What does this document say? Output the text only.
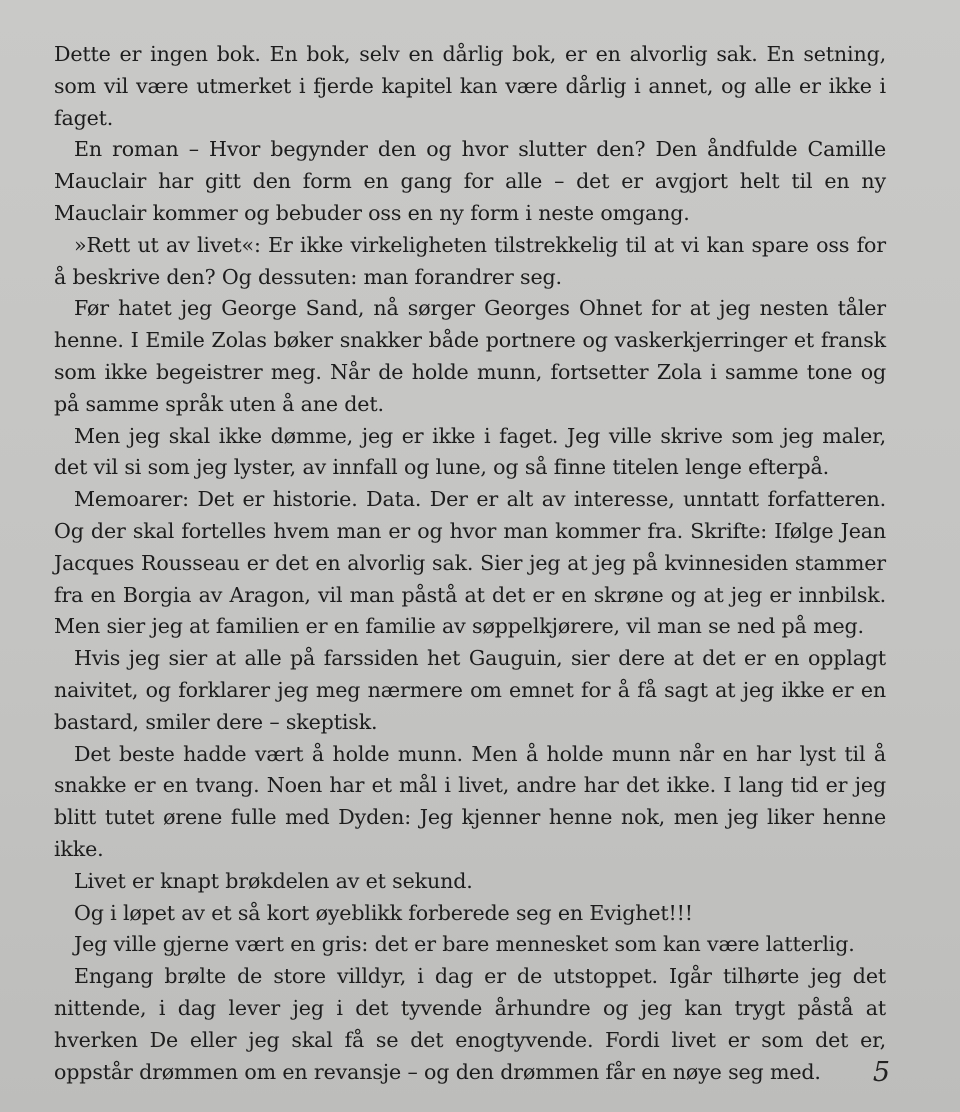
Dette er ingen bok. En bok, selv en dårlig bok, er en alvorlig sak. En setning, som vil være utmerket i fjerde kapitel kan være dårlig i annet, og alle er ikke i faget.

En roman – Hvor begynder den og hvor slutter den? Den åndfulde Camille Mauclair har gitt den form en gang for alle – det er avgjort helt til en ny Mauclair kommer og bebuder oss en ny form i neste omgang.

»Rett ut av livet«: Er ikke virkeligheten tilstrekkelig til at vi kan spare oss for å beskrive den? Og dessuten: man forandrer seg.

Før hatet jeg George Sand, nå sørger Georges Ohnet for at jeg nesten tåler henne. I Emile Zolas bøker snakker både portnere og vaskerkjerringer et fransk som ikke begeistrer meg. Når de holde munn, fortsetter Zola i samme tone og på samme språk uten å ane det.

Men jeg skal ikke dømme, jeg er ikke i faget. Jeg ville skrive som jeg maler, det vil si som jeg lyster, av innfall og lune, og så finne titelen lenge efterpå.

Memoarer: Det er historie. Data. Der er alt av interesse, unntatt forfatteren. Og der skal fortelles hvem man er og hvor man kommer fra. Skrifte: Ifølge Jean Jacques Rousseau er det en alvorlig sak. Sier jeg at jeg på kvinnesiden stammer fra en Borgia av Aragon, vil man påstå at det er en skrøne og at jeg er innbilsk. Men sier jeg at familien er en familie av søppelkjørere, vil man se ned på meg.

Hvis jeg sier at alle på farssiden het Gauguin, sier dere at det er en opplagt naivitet, og forklarer jeg meg nærmere om emnet for å få sagt at jeg ikke er en bastard, smiler dere – skeptisk.

Det beste hadde vært å holde munn. Men å holde munn når en har lyst til å snakke er en tvang. Noen har et mål i livet, andre har det ikke. I lang tid er jeg blitt tutet ørene fulle med Dyden: Jeg kjenner henne nok, men jeg liker henne ikke.

Livet er knapt brøkdelen av et sekund.

Og i løpet av et så kort øyeblikk forberede seg en Evighet!!!

Jeg ville gjerne vært en gris: det er bare mennesket som kan være latterlig.

Engang brølte de store villdyr, i dag er de utstoppet. Igår tilhørte jeg det nittende, i dag lever jeg i det tyvende århundre og jeg kan trygt påstå at hverken De eller jeg skal få se det enogtyvende. Fordi livet er som det er, oppstår drømmen om en revansje – og den drømmen får en nøye seg med.	5
